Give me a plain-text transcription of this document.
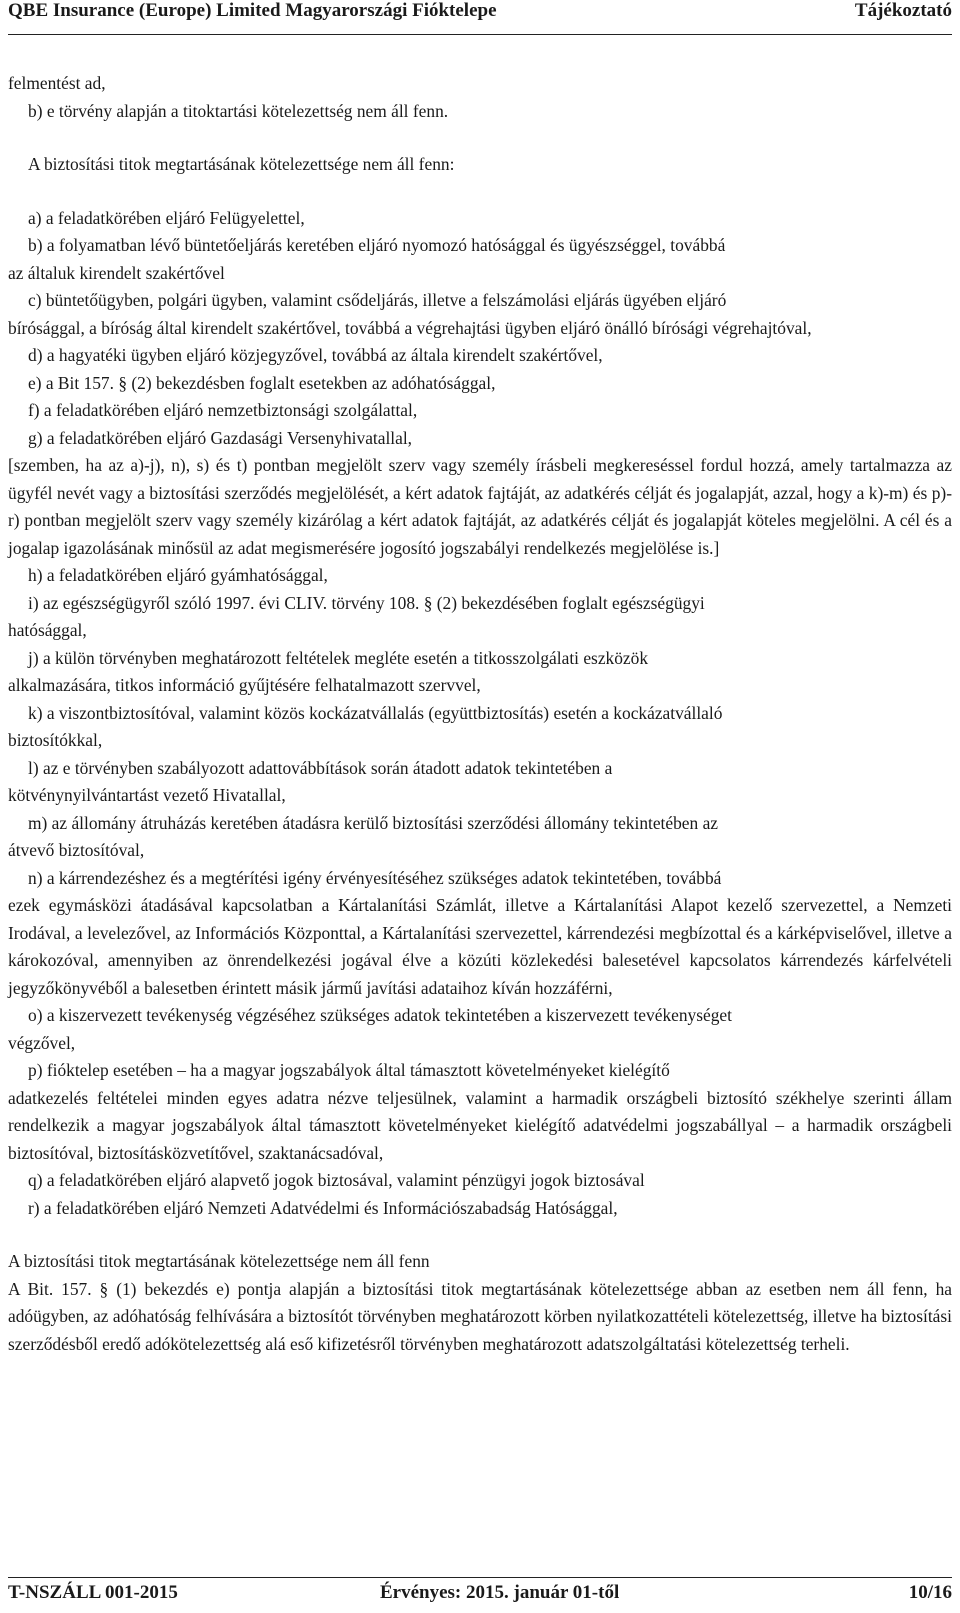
QBE Insurance (Europe) Limited Magyarországi Fióktelepe	Tájékoztató

felmentést ad,

b) e törvény alapján a titoktartási kötelezettség nem áll fenn.

A biztosítási titok megtartásának kötelezettsége nem áll fenn:

a) a feladatkörében eljáró Felügyelettel,

b) a folyamatban lévő büntetőeljárás keretében eljáró nyomozó hatósággal és ügyészséggel, továbbá

az általuk kirendelt szakértővel

c) büntetőügyben, polgári ügyben, valamint csődeljárás, illetve a felszámolási eljárás ügyében eljáró

bírósággal, a bíróság által kirendelt szakértővel, továbbá a végrehajtási ügyben eljáró önálló bírósági végrehajtóval,

d) a hagyatéki ügyben eljáró közjegyzővel, továbbá az általa kirendelt szakértővel,

e) a Bit 157. § (2) bekezdésben foglalt esetekben az adóhatósággal,

f) a feladatkörében eljáró nemzetbiztonsági szolgálattal,

g) a feladatkörében eljáró Gazdasági Versenyhivatallal,

[szemben, ha az a)-j), n), s) és t) pontban megjelölt szerv vagy személy írásbeli megkereséssel fordul hozzá, amely tartalmazza az ügyfél nevét vagy a biztosítási szerződés megjelölését, a kért adatok fajtáját, az adatkérés célját és jogalapját, azzal, hogy a k)-m) és p)-r) pontban megjelölt szerv vagy személy kizárólag a kért adatok fajtáját, az adatkérés célját és jogalapját köteles megjelölni. A cél és a jogalap igazolásának minősül az adat megismerésére jogosító jogszabályi rendelkezés megjelölése is.]

h) a feladatkörében eljáró gyámhatósággal,

i) az egészségügyről szóló 1997. évi CLIV. törvény 108. § (2) bekezdésében foglalt egészségügyi

hatósággal,

j) a külön törvényben meghatározott feltételek megléte esetén a titkosszolgálati eszközök

alkalmazására, titkos információ gyűjtésére felhatalmazott szervvel,

k) a viszontbiztosítóval, valamint közös kockázatvállalás (együttbiztosítás) esetén a kockázatvállaló

biztosítókkal,

l) az e törvényben szabályozott adattovábbítások során átadott adatok tekintetében a

kötvénynyilvántartást vezető Hivatallal,

m) az állomány átruházás keretében átadásra kerülő biztosítási szerződési állomány tekintetében az

átvevő biztosítóval,

n) a kárrendezéshez és a megtérítési igény érvényesítéséhez szükséges adatok tekintetében, továbbá

ezek egymásközi átadásával kapcsolatban a Kártalanítási Számlát, illetve a Kártalanítási Alapot kezelő szervezettel, a Nemzeti Irodával, a levelezővel, az Információs Központtal, a Kártalanítási szervezettel, kárrendezési megbízottal és a kárképviselővel, illetve a károkozóval, amennyiben az önrendelkezési jogával élve a közúti közlekedési balesetével kapcsolatos kárrendezés kárfelvételi jegyzőkönyvéből a balesetben érintett másik jármű javítási adataihoz kíván hozzáférni,

o) a kiszervezett tevékenység végzéséhez szükséges adatok tekintetében a kiszervezett tevékenységet

végzővel,

p) fióktelep esetében – ha a magyar jogszabályok által támasztott követelményeket kielégítő

adatkezelés feltételei minden egyes adatra nézve teljesülnek, valamint a harmadik országbeli biztosító székhelye szerinti állam rendelkezik a magyar jogszabályok által támasztott követelményeket kielégítő adatvédelmi jogszabállyal – a harmadik országbeli biztosítóval, biztosításközvetítővel, szaktanácsadóval,

q) a feladatkörében eljáró alapvető jogok biztosával, valamint pénzügyi jogok biztosával

r) a feladatkörében eljáró Nemzeti Adatvédelmi és Információszabadság Hatósággal,

A biztosítási titok megtartásának kötelezettsége nem áll fenn

A Bit. 157. § (1) bekezdés e) pontja alapján a biztosítási titok megtartásának kötelezettsége abban az esetben nem áll fenn, ha adóügyben, az adóhatóság felhívására a biztosítót törvényben meghatározott körben nyilatkozattételi kötelezettség, illetve ha biztosítási szerződésből eredő adókötelezettség alá eső kifizetésről törvényben meghatározott adatszolgáltatási kötelezettség terheli.

T-NSZÁLL 001-2015	Érvényes: 2015. január 01-től	10/16
